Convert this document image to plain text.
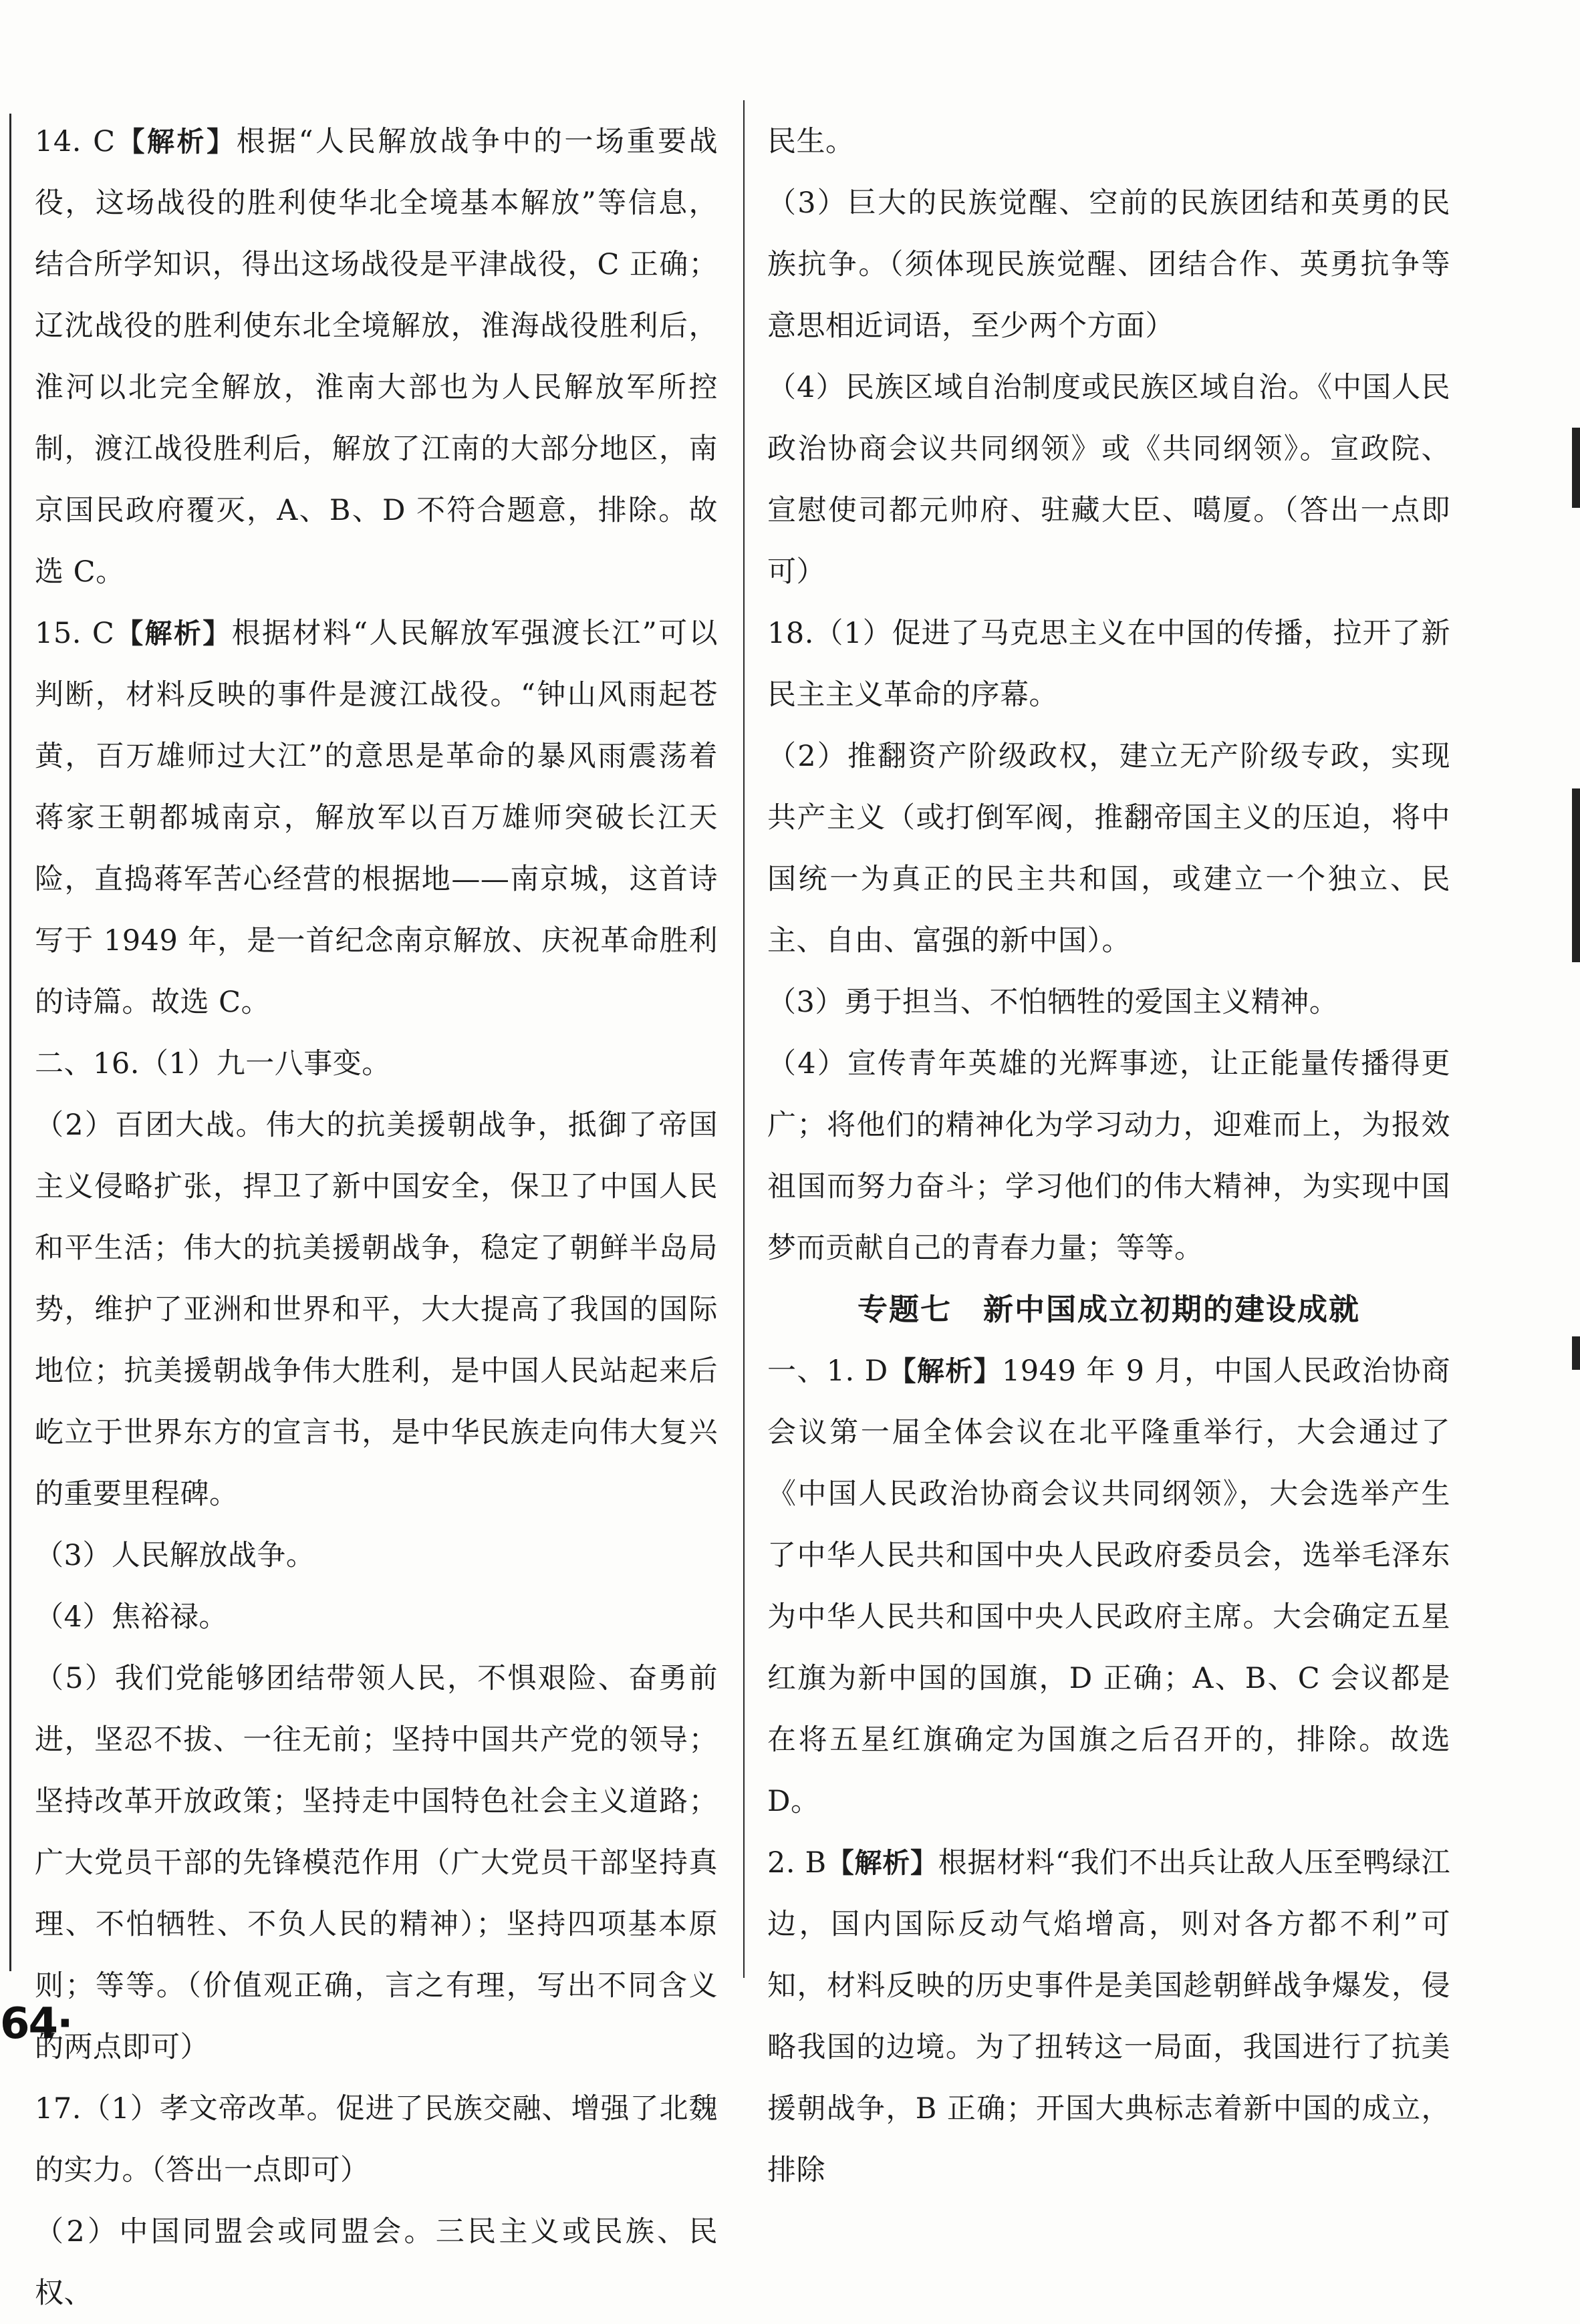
14. C【解析】根据“人民解放战争中的一场重要战役，这场战役的胜利使华北全境基本解放”等信息，结合所学知识，得出这场战役是平津战役，C 正确；辽沈战役的胜利使东北全境解放，淮海战役胜利后，淮河以北完全解放，淮南大部也为人民解放军所控制，渡江战役胜利后，解放了江南的大部分地区，南京国民政府覆灭，A、B、D 不符合题意，排除。故选 C。

15. C【解析】根据材料“人民解放军强渡长江”可以判断，材料反映的事件是渡江战役。“钟山风雨起苍黄，百万雄师过大江”的意思是革命的暴风雨震荡着蒋家王朝都城南京，解放军以百万雄师突破长江天险，直捣蒋军苦心经营的根据地——南京城，这首诗写于 1949 年，是一首纪念南京解放、庆祝革命胜利的诗篇。故选 C。

二、16.（1）九一八事变。

（2）百团大战。伟大的抗美援朝战争，抵御了帝国主义侵略扩张，捍卫了新中国安全，保卫了中国人民和平生活；伟大的抗美援朝战争，稳定了朝鲜半岛局势，维护了亚洲和世界和平，大大提高了我国的国际地位；抗美援朝战争伟大胜利，是中国人民站起来后屹立于世界东方的宣言书，是中华民族走向伟大复兴的重要里程碑。

（3）人民解放战争。

（4）焦裕禄。

（5）我们党能够团结带领人民，不惧艰险、奋勇前进，坚忍不拔、一往无前；坚持中国共产党的领导；坚持改革开放政策；坚持走中国特色社会主义道路；广大党员干部的先锋模范作用（广大党员干部坚持真理、不怕牺牲、不负人民的精神）；坚持四项基本原则；等等。（价值观正确，言之有理，写出不同含义的两点即可）

17.（1）孝文帝改革。促进了民族交融、增强了北魏的实力。（答出一点即可）

（2）中国同盟会或同盟会。三民主义或民族、民权、

民生。

（3）巨大的民族觉醒、空前的民族团结和英勇的民族抗争。（须体现民族觉醒、团结合作、英勇抗争等意思相近词语，至少两个方面）

（4）民族区域自治制度或民族区域自治。《中国人民政治协商会议共同纲领》或《共同纲领》。宣政院、宣慰使司都元帅府、驻藏大臣、噶厦。（答出一点即可）

18.（1）促进了马克思主义在中国的传播，拉开了新民主主义革命的序幕。

（2）推翻资产阶级政权，建立无产阶级专政，实现共产主义（或打倒军阀，推翻帝国主义的压迫，将中国统一为真正的民主共和国，或建立一个独立、民主、自由、富强的新中国）。

（3）勇于担当、不怕牺牲的爱国主义精神。

（4）宣传青年英雄的光辉事迹，让正能量传播得更广；将他们的精神化为学习动力，迎难而上，为报效祖国而努力奋斗；学习他们的伟大精神，为实现中国梦而贡献自己的青春力量；等等。

专题七　新中国成立初期的建设成就

一、1. D【解析】1949 年 9 月，中国人民政治协商会议第一届全体会议在北平隆重举行，大会通过了《中国人民政治协商会议共同纲领》，大会选举产生了中华人民共和国中央人民政府委员会，选举毛泽东为中华人民共和国中央人民政府主席。大会确定五星红旗为新中国的国旗，D 正确；A、B、C 会议都是在将五星红旗确定为国旗之后召开的，排除。故选 D。

2. B【解析】根据材料“我们不出兵让敌人压至鸭绿江边，国内国际反动气焰增高，则对各方都不利”可知，材料反映的历史事件是美国趁朝鲜战争爆发，侵略我国的边境。为了扭转这一局面，我国进行了抗美援朝战争，B 正确；开国大典标志着新中国的成立，排除

64·
